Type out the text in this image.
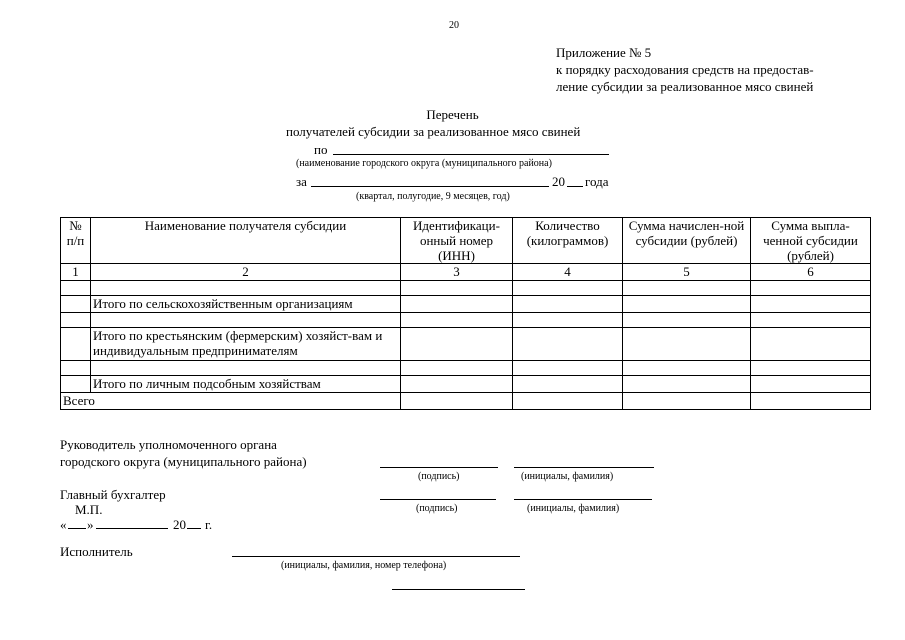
20
Приложение № 5
к порядку расходования средств на предостав-
ление субсидии за реализованное мясо свиней
Перечень
получателей субсидии за реализованное мясо свиней
по
(наименование городского округа (муниципального района)
за	20 года
(квартал, полугодие, 9 месяцев, год)
№ п/п	Наименование получателя субсидии	Идентификаци-онный номер (ИНН)	Количество (килограммов)	Сумма начислен-ной субсидии (рублей)	Сумма выпла-ченной субсидии (рублей)
1	2	3	4	5	6

	Итого по сельскохозяйственным организациям				

	Итого по крестьянским (фермерским) хозяйст-вам и индивидуальным предпринимателям				

	Итого по личным подсобным хозяйствам				
Всего					
Руководитель уполномоченного органа
городского округа (муниципального района)
(подпись)	(инициалы, фамилия)
Главный бухгалтер
(подпись)	(инициалы, фамилия)
М.П.
« »	20 г.
Исполнитель
(инициалы, фамилия, номер телефона)
